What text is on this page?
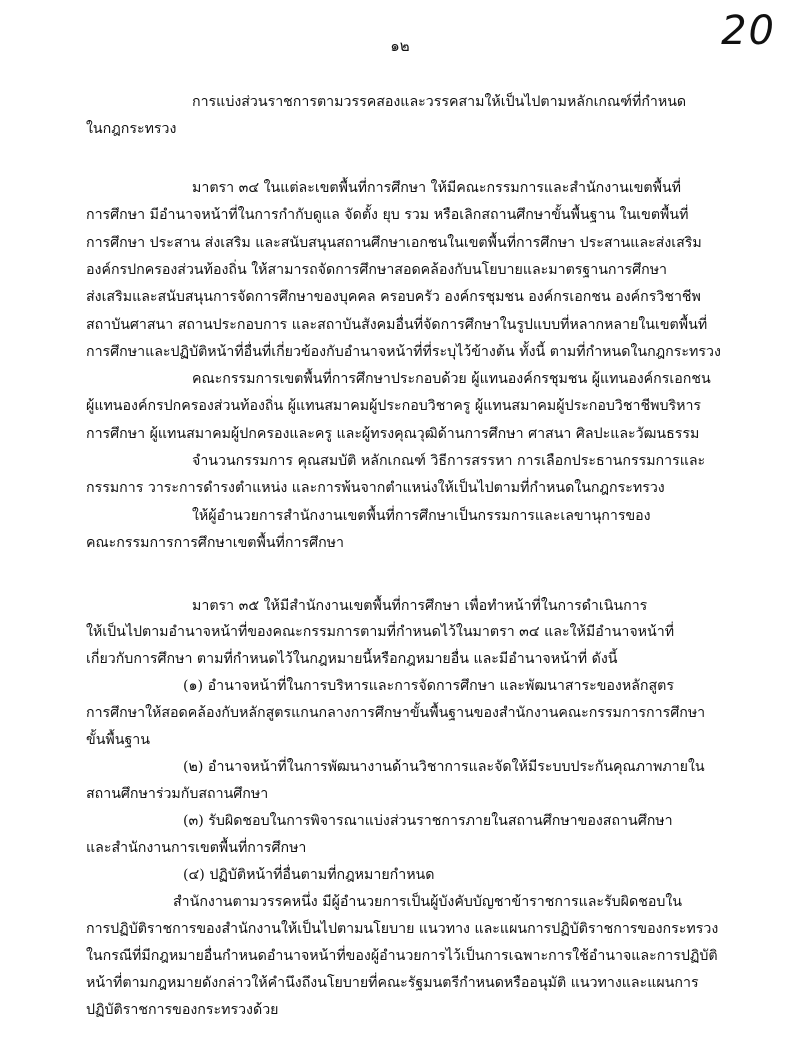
20
๑๒
การแบ่งส่วนราชการตามวรรคสองและวรรคสามให้เป็นไปตามหลักเกณฑ์ที่กำหนด
ในกฎกระทรวง
มาตรา ๓๔ ในแต่ละเขตพื้นที่การศึกษา ให้มีคณะกรรมการและสำนักงานเขตพื้นที่
การศึกษา มีอำนาจหน้าที่ในการกำกับดูแล จัดตั้ง ยุบ รวม หรือเลิกสถานศึกษาขั้นพื้นฐาน ในเขตพื้นที่
การศึกษา ประสาน ส่งเสริม และสนับสนุนสถานศึกษาเอกชนในเขตพื้นที่การศึกษา ประสานและส่งเสริม
องค์กรปกครองส่วนท้องถิ่น ให้สามารถจัดการศึกษาสอดคล้องกับนโยบายและมาตรฐานการศึกษา
ส่งเสริมและสนับสนุนการจัดการศึกษาของบุคคล ครอบครัว องค์กรชุมชน องค์กรเอกชน องค์กรวิชาชีพ
สถาบันศาสนา สถานประกอบการ และสถาบันสังคมอื่นที่จัดการศึกษาในรูปแบบที่หลากหลายในเขตพื้นที่
การศึกษาและปฏิบัติหน้าที่อื่นที่เกี่ยวข้องกับอำนาจหน้าที่ที่ระบุไว้ข้างต้น ทั้งนี้ ตามที่กำหนดในกฎกระทรวง
คณะกรรมการเขตพื้นที่การศึกษาประกอบด้วย ผู้แทนองค์กรชุมชน ผู้แทนองค์กรเอกชน
ผู้แทนองค์กรปกครองส่วนท้องถิ่น ผู้แทนสมาคมผู้ประกอบวิชาครู ผู้แทนสมาคมผู้ประกอบวิชาชีพบริหาร
การศึกษา ผู้แทนสมาคมผู้ปกครองและครู และผู้ทรงคุณวุฒิด้านการศึกษา ศาสนา ศิลปะและวัฒนธรรม
จำนวนกรรมการ คุณสมบัติ หลักเกณฑ์ วิธีการสรรหา การเลือกประธานกรรมการและ
กรรมการ วาระการดำรงตำแหน่ง และการพ้นจากตำแหน่งให้เป็นไปตามที่กำหนดในกฎกระทรวง
ให้ผู้อำนวยการสำนักงานเขตพื้นที่การศึกษาเป็นกรรมการและเลขานุการของ
คณะกรรมการการศึกษาเขตพื้นที่การศึกษา
มาตรา ๓๕ ให้มีสำนักงานเขตพื้นที่การศึกษา เพื่อทำหน้าที่ในการดำเนินการ
ให้เป็นไปตามอำนาจหน้าที่ของคณะกรรมการตามที่กำหนดไว้ในมาตรา ๓๔ และให้มีอำนาจหน้าที่
เกี่ยวกับการศึกษา ตามที่กำหนดไว้ในกฎหมายนี้หรือกฎหมายอื่น และมีอำนาจหน้าที่ ดังนี้
(๑) อำนาจหน้าที่ในการบริหารและการจัดการศึกษา และพัฒนาสาระของหลักสูตร
การศึกษาให้สอดคล้องกับหลักสูตรแกนกลางการศึกษาขั้นพื้นฐานของสำนักงานคณะกรรมการการศึกษา
ขั้นพื้นฐาน
(๒) อำนาจหน้าที่ในการพัฒนางานด้านวิชาการและจัดให้มีระบบประกันคุณภาพภายใน
สถานศึกษาร่วมกับสถานศึกษา
(๓) รับผิดชอบในการพิจารณาแบ่งส่วนราชการภายในสถานศึกษาของสถานศึกษา
และสำนักงานการเขตพื้นที่การศึกษา
(๔) ปฏิบัติหน้าที่อื่นตามที่กฎหมายกำหนด
สำนักงานตามวรรคหนึ่ง มีผู้อำนวยการเป็นผู้บังคับบัญชาข้าราชการและรับผิดชอบใน
การปฏิบัติราชการของสำนักงานให้เป็นไปตามนโยบาย แนวทาง และแผนการปฏิบัติราชการของกระทรวง
ในกรณีที่มีกฎหมายอื่นกำหนดอำนาจหน้าที่ของผู้อำนวยการไว้เป็นการเฉพาะการใช้อำนาจและการปฏิบัติ
หน้าที่ตามกฎหมายดังกล่าวให้คำนึงถึงนโยบายที่คณะรัฐมนตรีกำหนดหรืออนุมัติ แนวทางและแผนการ
ปฏิบัติราชการของกระทรวงด้วย
